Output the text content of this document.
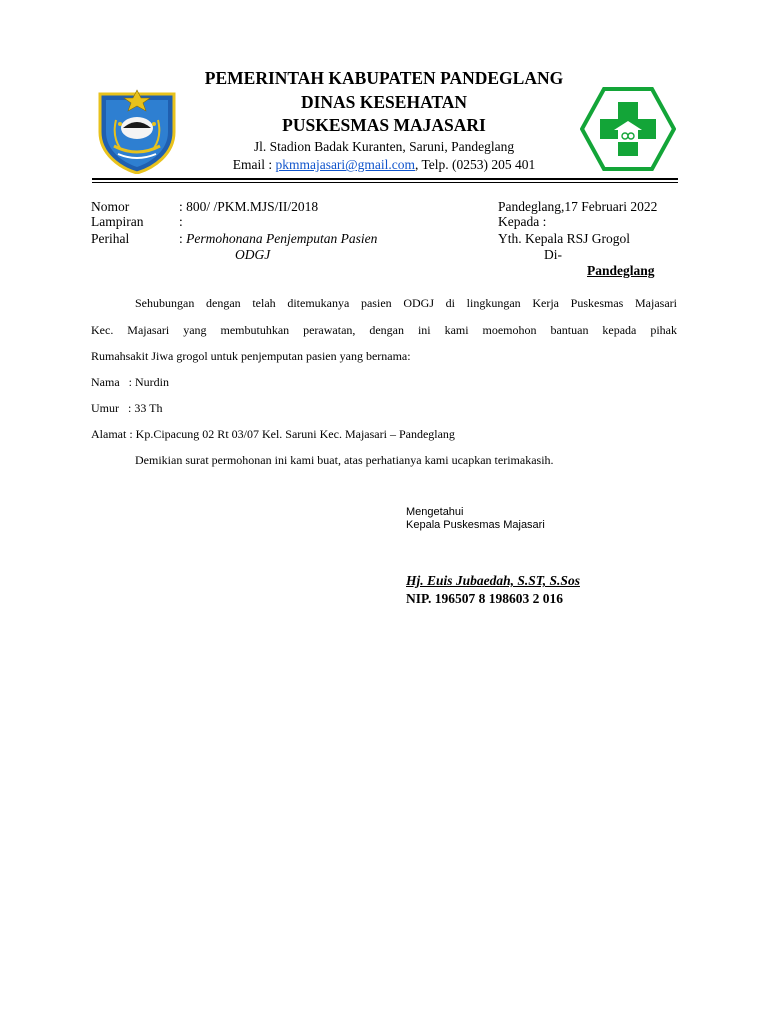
PEMERINTAH KABUPATEN PANDEGLANG
DINAS KESEHATAN
PUSKESMAS MAJASARI
Jl. Stadion Badak Kuranten, Saruni, Pandeglang
Email : pkmmajasari@gmail.com, Telp. (0253) 205 401
Nomor	: 800/ /PKM.MJS/II/2018
Lampiran	:
Perihal	: Permohonana Penjemputan Pasien
ODGJ
Pandeglang,17 Februari 2022
Kepada :
Yth. Kepala RSJ Grogol
Di-
Pandeglang
Sehubungan dengan telah ditemukanya pasien ODGJ di lingkungan Kerja Puskesmas Majasari
Kec. Majasari yang membutuhkan perawatan, dengan ini kami moemohon bantuan kepada pihak
Rumahsakit Jiwa grogol untuk penjemputan pasien yang bernama:
Nama   : Nurdin
Umur   : 33 Th
Alamat : Kp.Cipacung 02 Rt 03/07 Kel. Saruni Kec. Majasari – Pandeglang
Demikian surat permohonan ini kami buat, atas perhatianya kami ucapkan terimakasih.
Mengetahui
Kepala Puskesmas Majasari
Hj. Euis Jubaedah, S.ST, S.Sos
NIP. 196507 8 198603 2 016
